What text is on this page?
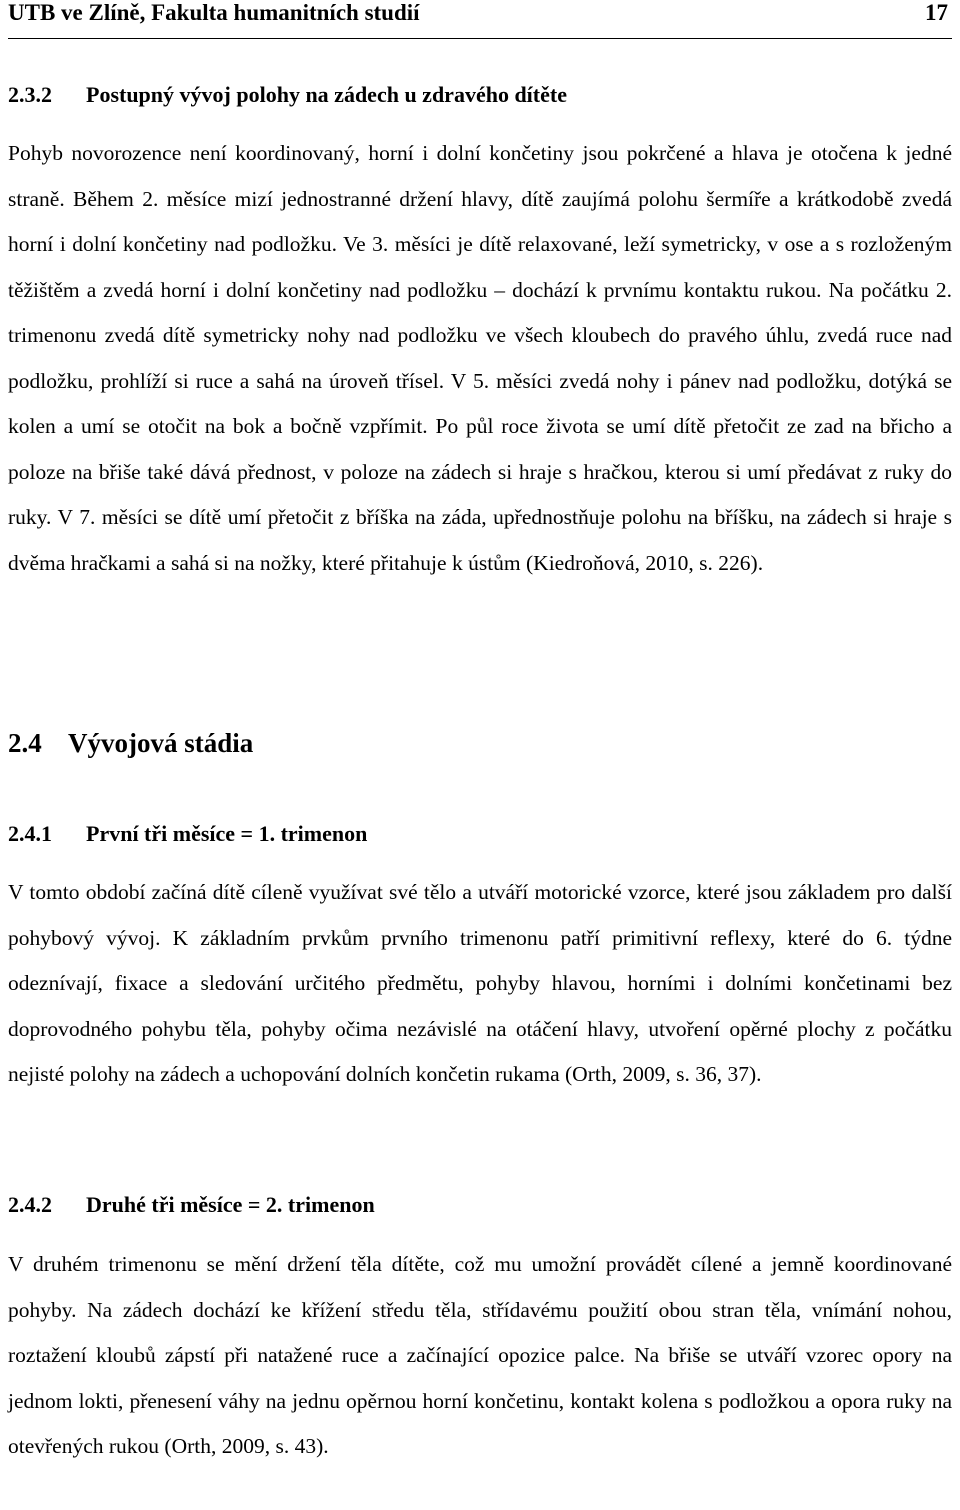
UTB ve Zlíně, Fakulta humanitních studií	17
2.3.2 Postupný vývoj polohy na zádech u zdravého dítěte

Pohyb novorozence není koordinovaný, horní i dolní končetiny jsou pokrčené a hlava je otočena k jedné straně. Během 2. měsíce mizí jednostranné držení hlavy, dítě zaujímá polohu šermíře a krátkodobě zvedá horní i dolní končetiny nad podložku. Ve 3. měsíci je dítě relaxované, leží symetricky, v ose a s rozloženým těžištěm a zvedá horní i dolní končetiny nad podložku – dochází k prvnímu kontaktu rukou. Na počátku 2. trimenonu zvedá dítě symetricky nohy nad podložku ve všech kloubech do pravého úhlu, zvedá ruce nad podložku, prohlíží si ruce a sahá na úroveň třísel. V 5. měsíci zvedá nohy i pánev nad podložku, dotýká se kolen a umí se otočit na bok a bočně vzpřímit. Po půl roce života se umí dítě přetočit ze zad na břicho a poloze na břiše také dává přednost, v poloze na zádech si hraje s hračkou, kterou si umí předávat z ruky do ruky. V 7. měsíci se dítě umí přetočit z bříška na záda, upřednostňuje polohu na bříšku, na zádech si hraje s dvěma hračkami a sahá si na nožky, které přitahuje k ústům (Kiedroňová, 2010, s. 226).

2.4 Vývojová stádia
2.4.1 První tři měsíce = 1. trimenon

V tomto období začíná dítě cíleně využívat své tělo a utváří motorické vzorce, které jsou základem pro další pohybový vývoj. K základním prvkům prvního trimenonu patří primitivní reflexy, které do 6. týdne odeznívají, fixace a sledování určitého předmětu, pohyby hlavou, horními i dolními končetinami bez doprovodného pohybu těla, pohyby očima nezávislé na otáčení hlavy, utvoření opěrné plochy z počátku nejisté polohy na zádech a uchopování dolních končetin rukama (Orth, 2009, s. 36, 37).

2.4.2 Druhé tři měsíce = 2. trimenon

V druhém trimenonu se mění držení těla dítěte, což mu umožní provádět cílené a jemně koordinované pohyby. Na zádech dochází ke křížení středu těla, střídavému použití obou stran těla, vnímání nohou, roztažení kloubů zápstí při natažené ruce a začínající opozice palce. Na břiše se utváří vzorec opory na jednom lokti, přenesení váhy na jednu opěrnou horní končetinu, kontakt kolena s podložkou a opora ruky na otevřených rukou (Orth, 2009, s. 43).
